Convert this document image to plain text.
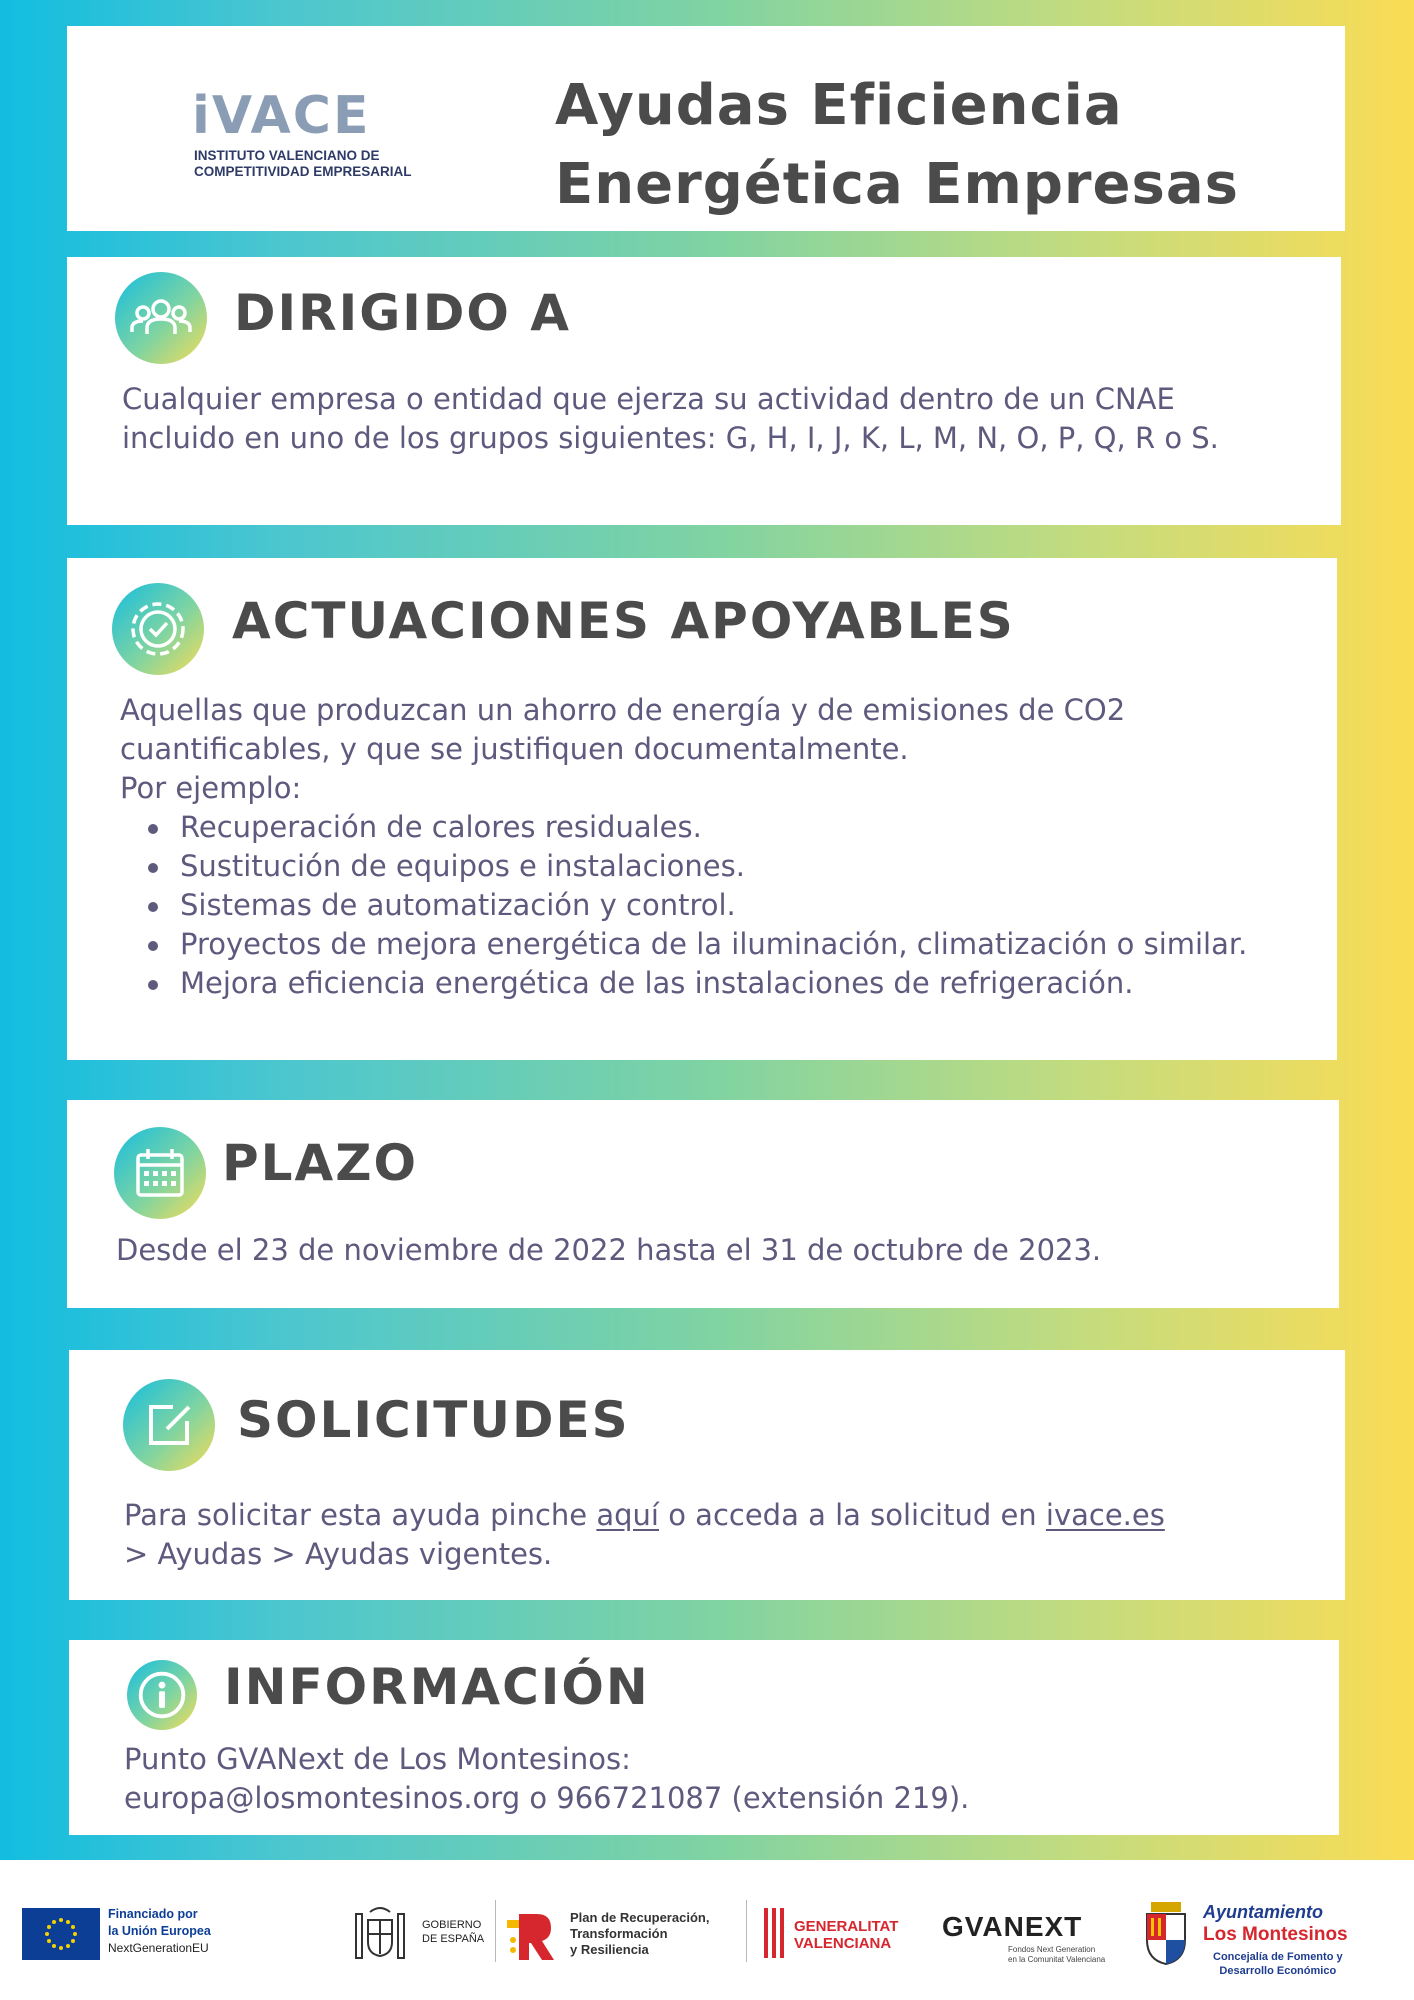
iVACE
INSTITUTO VALENCIANO DE
COMPETITIVIDAD EMPRESARIAL
Ayudas Eficiencia
Energética Empresas
DIRIGIDO A
Cualquier empresa o entidad que ejerza su actividad dentro de un CNAE incluido en uno de los grupos siguientes: G, H, I, J, K, L, M, N, O, P, Q, R o S.
ACTUACIONES APOYABLES

Aquellas que produzcan un ahorro de energía y de emisiones de CO2 cuantificables, y que se justifiquen documentalmente.

Por ejemplo:

Recuperación de calores residuales.
Sustitución de equipos e instalaciones.
Sistemas de automatización y control.
Proyectos de mejora energética de la iluminación, climatización o similar.
Mejora eficiencia energética de las instalaciones de refrigeración.
PLAZO
Desde el 23 de noviembre de 2022 hasta el 31 de octubre de 2023.
SOLICITUDES
Para solicitar esta ayuda pinche aquí o acceda a la solicitud en ivace.es
> Ayudas > Ayudas vigentes.
INFORMACIÓN

Punto GVANext de Los Montesinos:

europa@losmontesinos.org o 966721087 (extensión 219).

Financiado por
la Unión Europea
NextGenerationEU
GOBIERNO
DE ESPAÑA
Plan de Recuperación,
Transformación
y Resiliencia
GENERALITAT
VALENCIANA
GVANEXT
Fondos Next Generation
en la Comunitat Valenciana
Ayuntamiento
Los Montesinos
Concejalía de Fomento y
Desarrollo Económico
